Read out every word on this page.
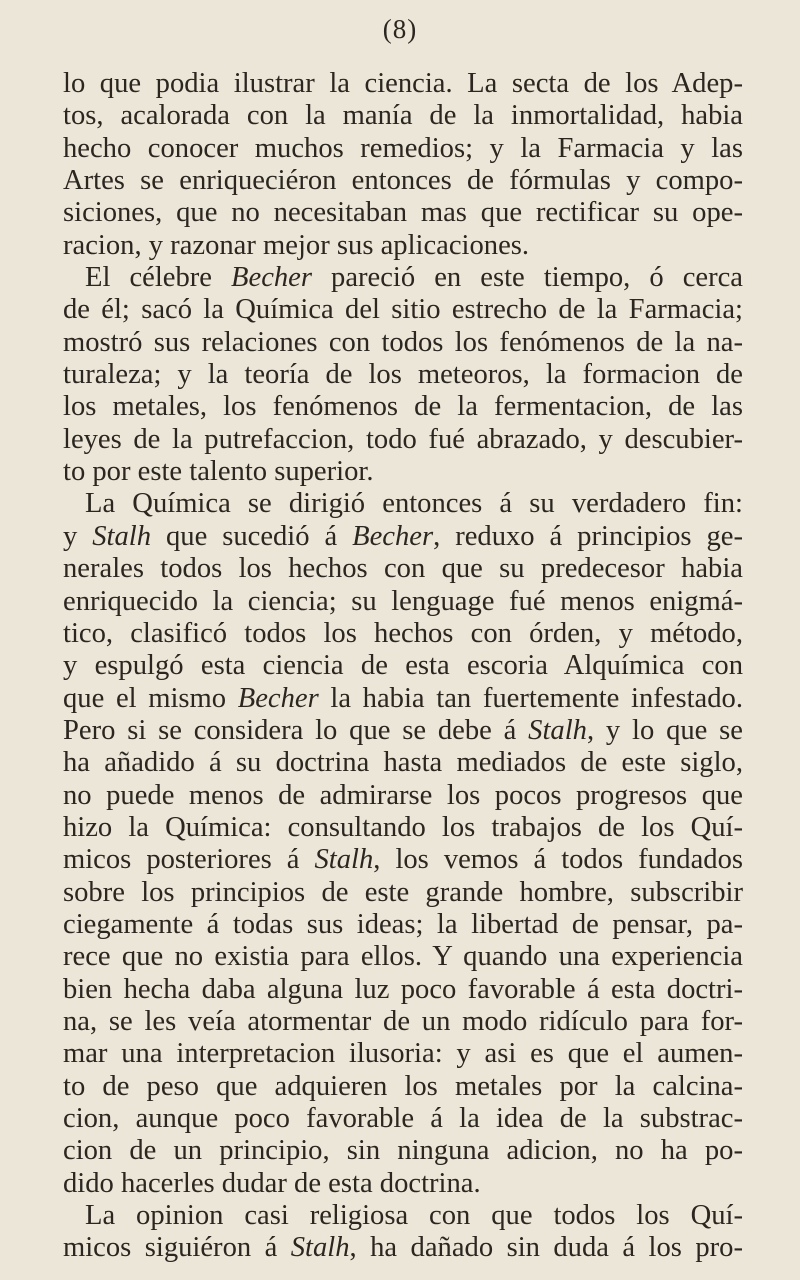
(8)
lo que podia ilustrar la ciencia. La secta de los Adep-
tos, acalorada con la manía de la inmortalidad, habia
hecho conocer muchos remedios; y la Farmacia y las
Artes se enriqueciéron entonces de fórmulas y compo-
siciones, que no necesitaban mas que rectificar su ope-
racion, y razonar mejor sus aplicaciones.
El célebre Becher pareció en este tiempo, ó cerca
de él; sacó la Química del sitio estrecho de la Farmacia;
mostró sus relaciones con todos los fenómenos de la na-
turaleza; y la teoría de los meteoros, la formacion de
los metales, los fenómenos de la fermentacion, de las
leyes de la putrefaccion, todo fué abrazado, y descubier-
to por este talento superior.
La Química se dirigió entonces á su verdadero fin:
y Stalh que sucedió á Becher, reduxo á principios ge-
nerales todos los hechos con que su predecesor habia
enriquecido la ciencia; su lenguage fué menos enigmá-
tico, clasificó todos los hechos con órden, y método,
y espulgó esta ciencia de esta escoria Alquímica con
que el mismo Becher la habia tan fuertemente infestado.
Pero si se considera lo que se debe á Stalh, y lo que se
ha añadido á su doctrina hasta mediados de este siglo,
no puede menos de admirarse los pocos progresos que
hizo la Química: consultando los trabajos de los Quí-
micos posteriores á Stalh, los vemos á todos fundados
sobre los principios de este grande hombre, subscribir
ciegamente á todas sus ideas; la libertad de pensar, pa-
rece que no existia para ellos. Y quando una experiencia
bien hecha daba alguna luz poco favorable á esta doctri-
na, se les veía atormentar de un modo ridículo para for-
mar una interpretacion ilusoria: y asi es que el aumen-
to de peso que adquieren los metales por la calcina-
cion, aunque poco favorable á la idea de la substrac-
cion de un principio, sin ninguna adicion, no ha po-
dido hacerles dudar de esta doctrina.
La opinion casi religiosa con que todos los Quí-
micos siguiéron á Stalh, ha dañado sin duda á los pro-
